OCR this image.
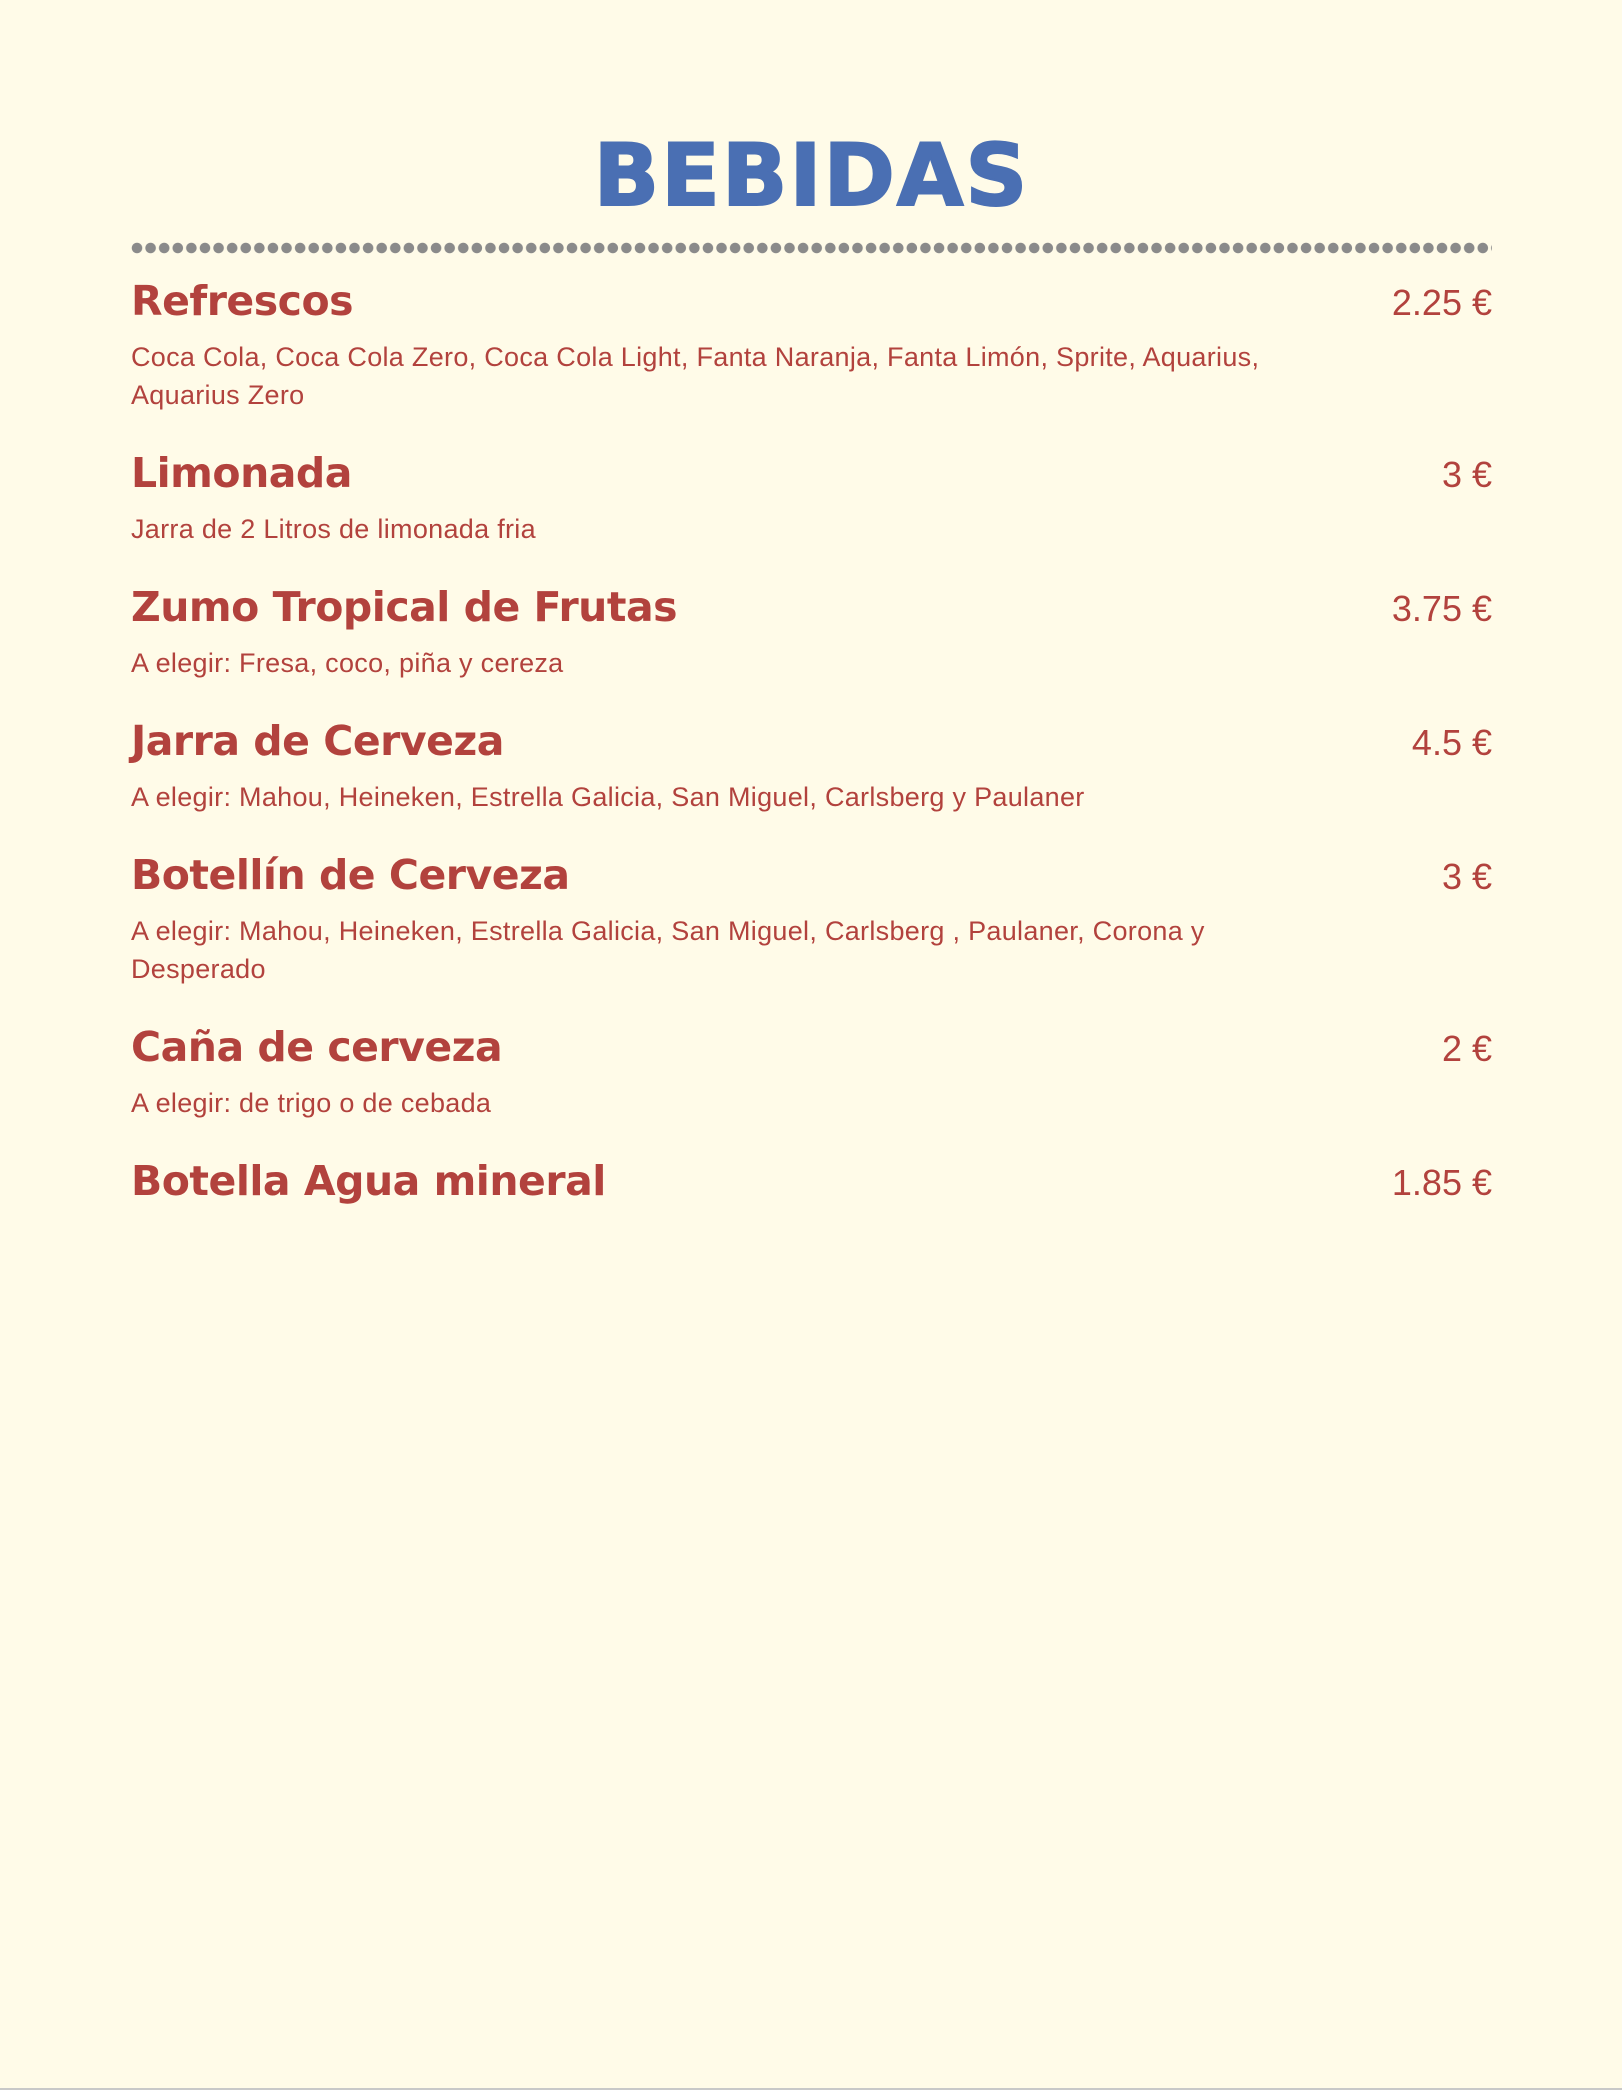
BEBIDAS
Refrescos	2.25 €
Coca Cola, Coca Cola Zero, Coca Cola Light, Fanta Naranja, Fanta Limón, Sprite, Aquarius, Aquarius Zero
Limonada	3 €
Jarra de 2 Litros de limonada fria
Zumo Tropical de Frutas	3.75 €
A elegir: Fresa, coco, piña y cereza
Jarra de Cerveza	4.5 €
A elegir: Mahou, Heineken, Estrella Galicia, San Miguel, Carlsberg y Paulaner
Botellín de Cerveza	3 €
A elegir: Mahou, Heineken, Estrella Galicia, San Miguel, Carlsberg , Paulaner, Corona y Desperado
Caña de cerveza	2 €
A elegir: de trigo o de cebada
Botella Agua mineral	1.85 €
